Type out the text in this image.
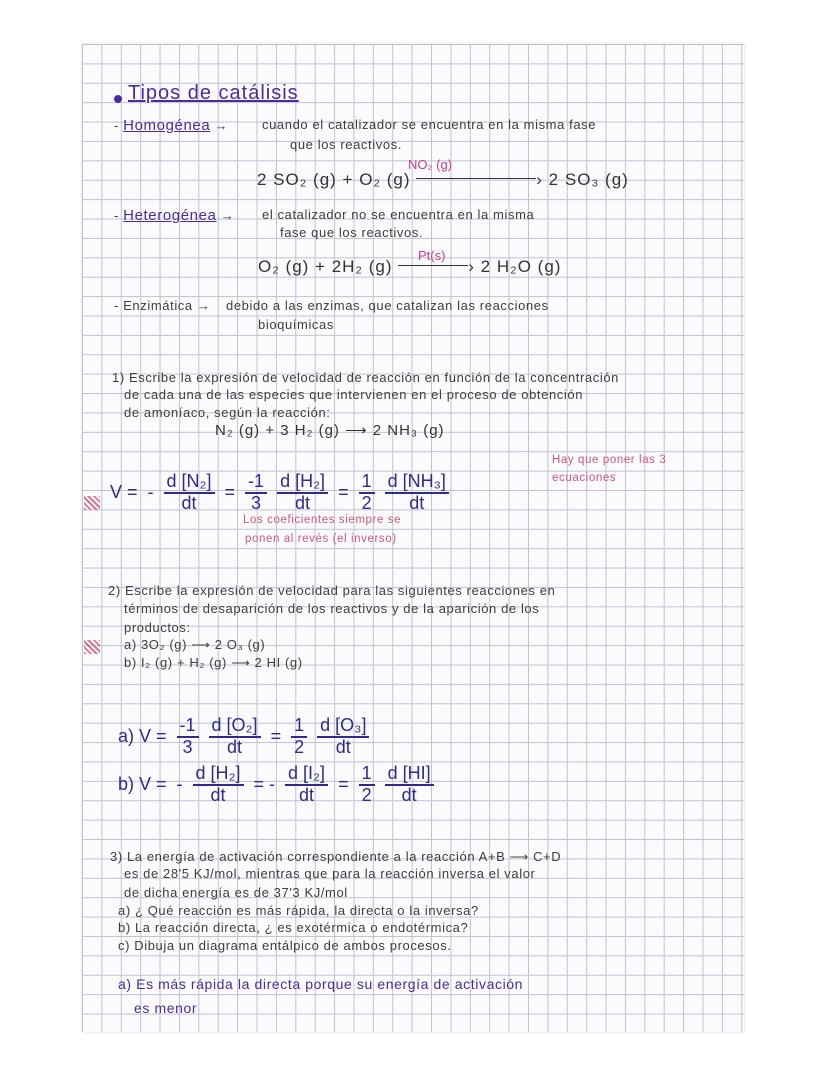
Tipos de catálisis
- Homogénea →	cuando el catalizador se encuentra en la misma fase
que los reactivos.
2 SO₂ (g) + O₂ (g)	› 2 SO₃ (g)
NO₂ (g)
- Heterogénea → el catalizador no se encuentra en la misma
fase que los reactivos.
O₂ (g) + 2H₂ (g)	› 2 H₂O (g)
Pt(s)
- Enzimática → debido a las enzimas, que catalizan las reacciones
bioquímicas
1) Escribe la expresión de velocidad de reacción en función de la concentración
de cada una de las especies que intervienen en el proceso de obtención
de amoníaco, según la reacción:
N₂ (g) + 3 H₂ (g) ⟶ 2 NH₃ (g)
V = - $\frac{\text{d [N₂]}}{dt} = \frac{-1}{3} \frac{\text{d [H₂]}}{dt} = \frac{1}{2} \frac{\text{d [NH₃]}}{dt}$
Hay que poner las 3
ecuaciones
Los coeficientes siempre se
ponen al revés (el inverso)
2) Escribe la expresión de velocidad para las siguientes reacciones en
términos de desaparición de los reactivos y de la aparición de los
productos:
a) 3O₂ (g) ⟶ 2 O₃ (g)
b) I₂ (g) + H₂ (g) ⟶ 2 HI (g)
a) $V = \frac{-1}{3} \frac{\text{d [O₂]}}{dt} = \frac{1}{2} \frac{\text{d [O₃]}}{dt}$
b) V = - $\frac{\text{d [H₂]}}{dt}$ = - $\frac{\text{d [I₂]}}{dt} = \frac{1}{2} \frac{d [HI]}{dt}$
3) La energía de activación correspondiente a la reacción A+B ⟶ C+D
es de 28'5 KJ/mol, mientras que para la reacción inversa el valor
de dicha energía es de 37'3 KJ/mol
a) ¿ Qué reacción es más rápida, la directa o la inversa?
b) La reacción directa, ¿ es exotérmica o endotérmica?
c) Dibuja un diagrama entálpico de ambos procesos.
a) Es más rápida la directa porque su energía de activación
es menor
